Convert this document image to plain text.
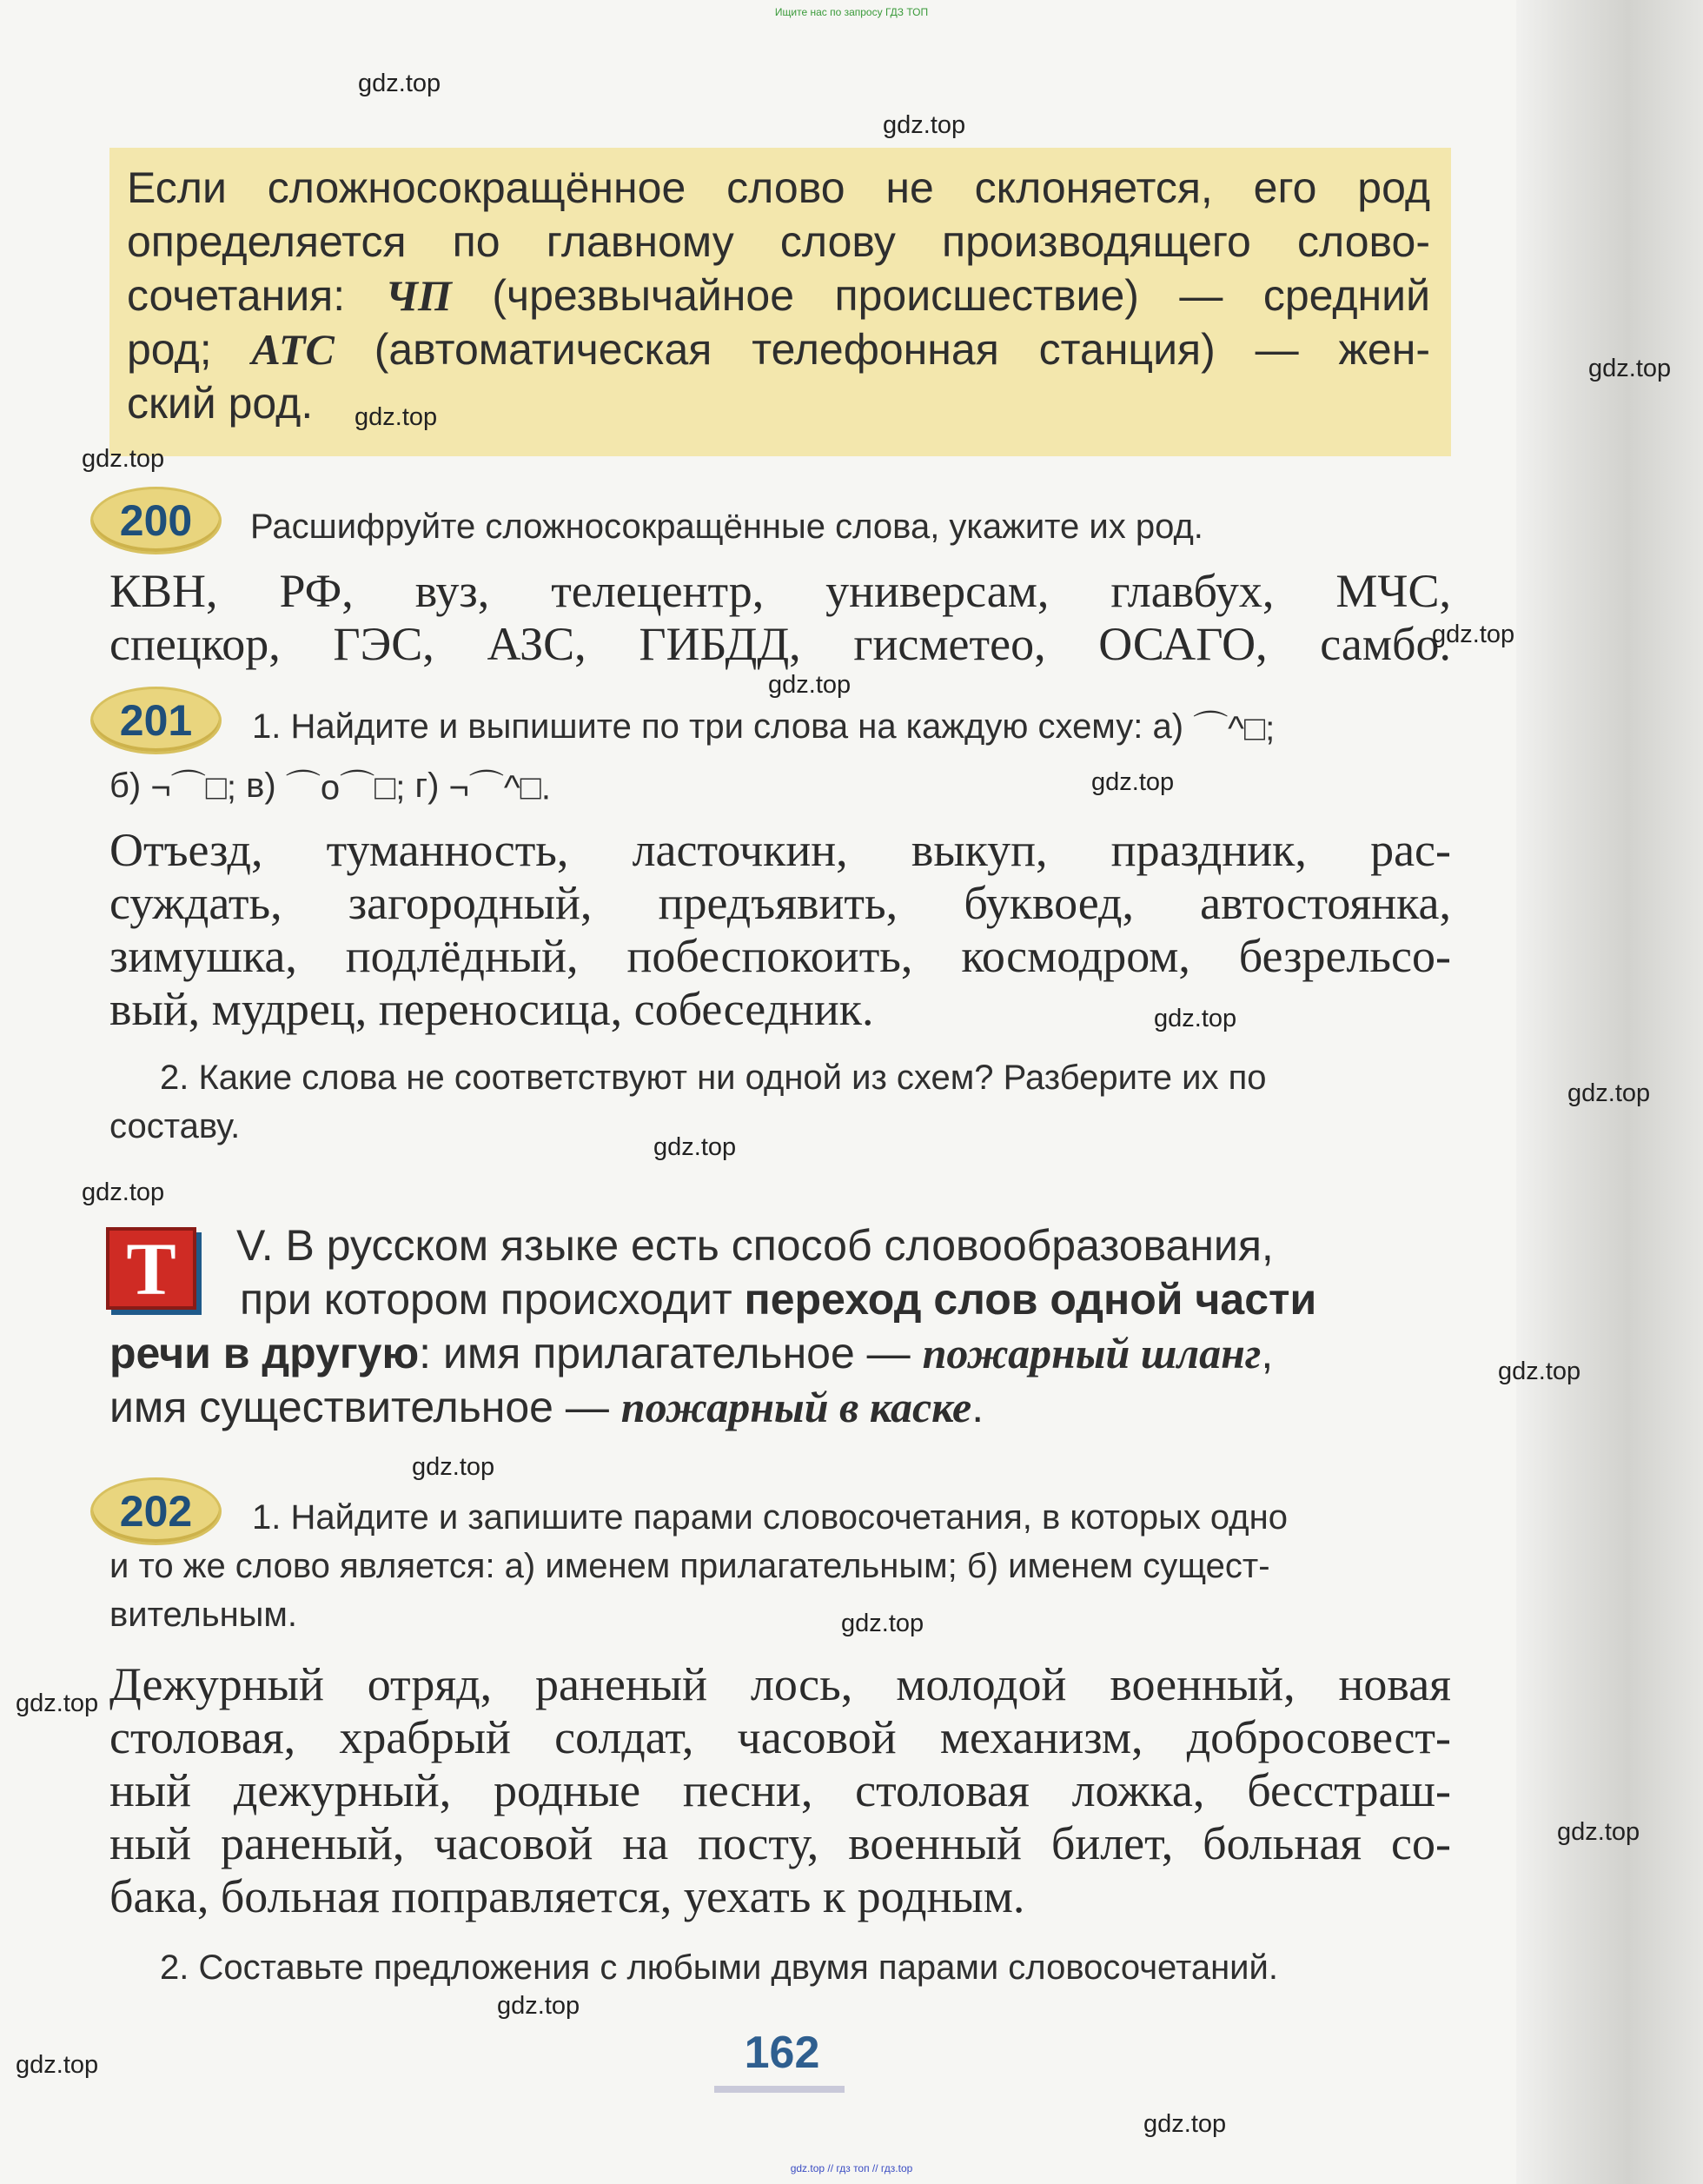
Ищите нас по запросу ГДЗ ТОП
Если сложносокращённое слово не склоняется, его род
определяется по главному слову производящего слово-
сочетания: ЧП (чрезвычайное происшествие) — средний
род; АТС (автоматическая телефонная станция) — жен-
ский род.
200	Расшифруйте сложносокращённые слова, укажите их род.
КВН, РФ, вуз, телецентр, универсам, главбух, МЧС,
спецкор, ГЭС, АЗС, ГИБДД, гисметео, ОСАГО, самбо.
201	1. Найдите и выпишите по три слова на каждую схему: а) ⌒^□;
б) ¬⌒□; в) ⌒о⌒□; г) ¬⌒^□.
Отъезд, туманность, ласточкин, выкуп, праздник, рас-
суждать, загородный, предъявить, буквоед, автостоянка,
зимушка, подлёдный, побеспокоить, космодром, безрельсо-
вый, мудрец, переносица, собеседник.
2. Какие слова не соответствуют ни одной из схем? Разберите их по
составу.
Т	V. В русском языке есть способ словообразования,
при котором происходит переход слов одной части
речи в другую: имя прилагательное — пожарный шланг,
имя существительное — пожарный в каске.
202	1. Найдите и запишите парами словосочетания, в которых одно
и то же слово является: а) именем прилагательным; б) именем сущест-
вительным.
Дежурный отряд, раненый лось, молодой военный, новая
столовая, храбрый солдат, часовой механизм, добросовест-
ный дежурный, родные песни, столовая ложка, бесстраш-
ный раненый, часовой на посту, военный билет, больная со-
бака, больная поправляется, уехать к родным.
2. Составьте предложения с любыми двумя парами словосочетаний.
162
gdz.top
gdz.top
gdz.top
gdz.top
gdz.top
gdz.top
gdz.top
gdz.top
gdz.top
gdz.top
gdz.top
gdz.top
gdz.top
gdz.top
gdz.top
gdz.top
gdz.top
gdz.top
gdz.top
gdz.top
gdz.top // гдз топ // гдз.top
